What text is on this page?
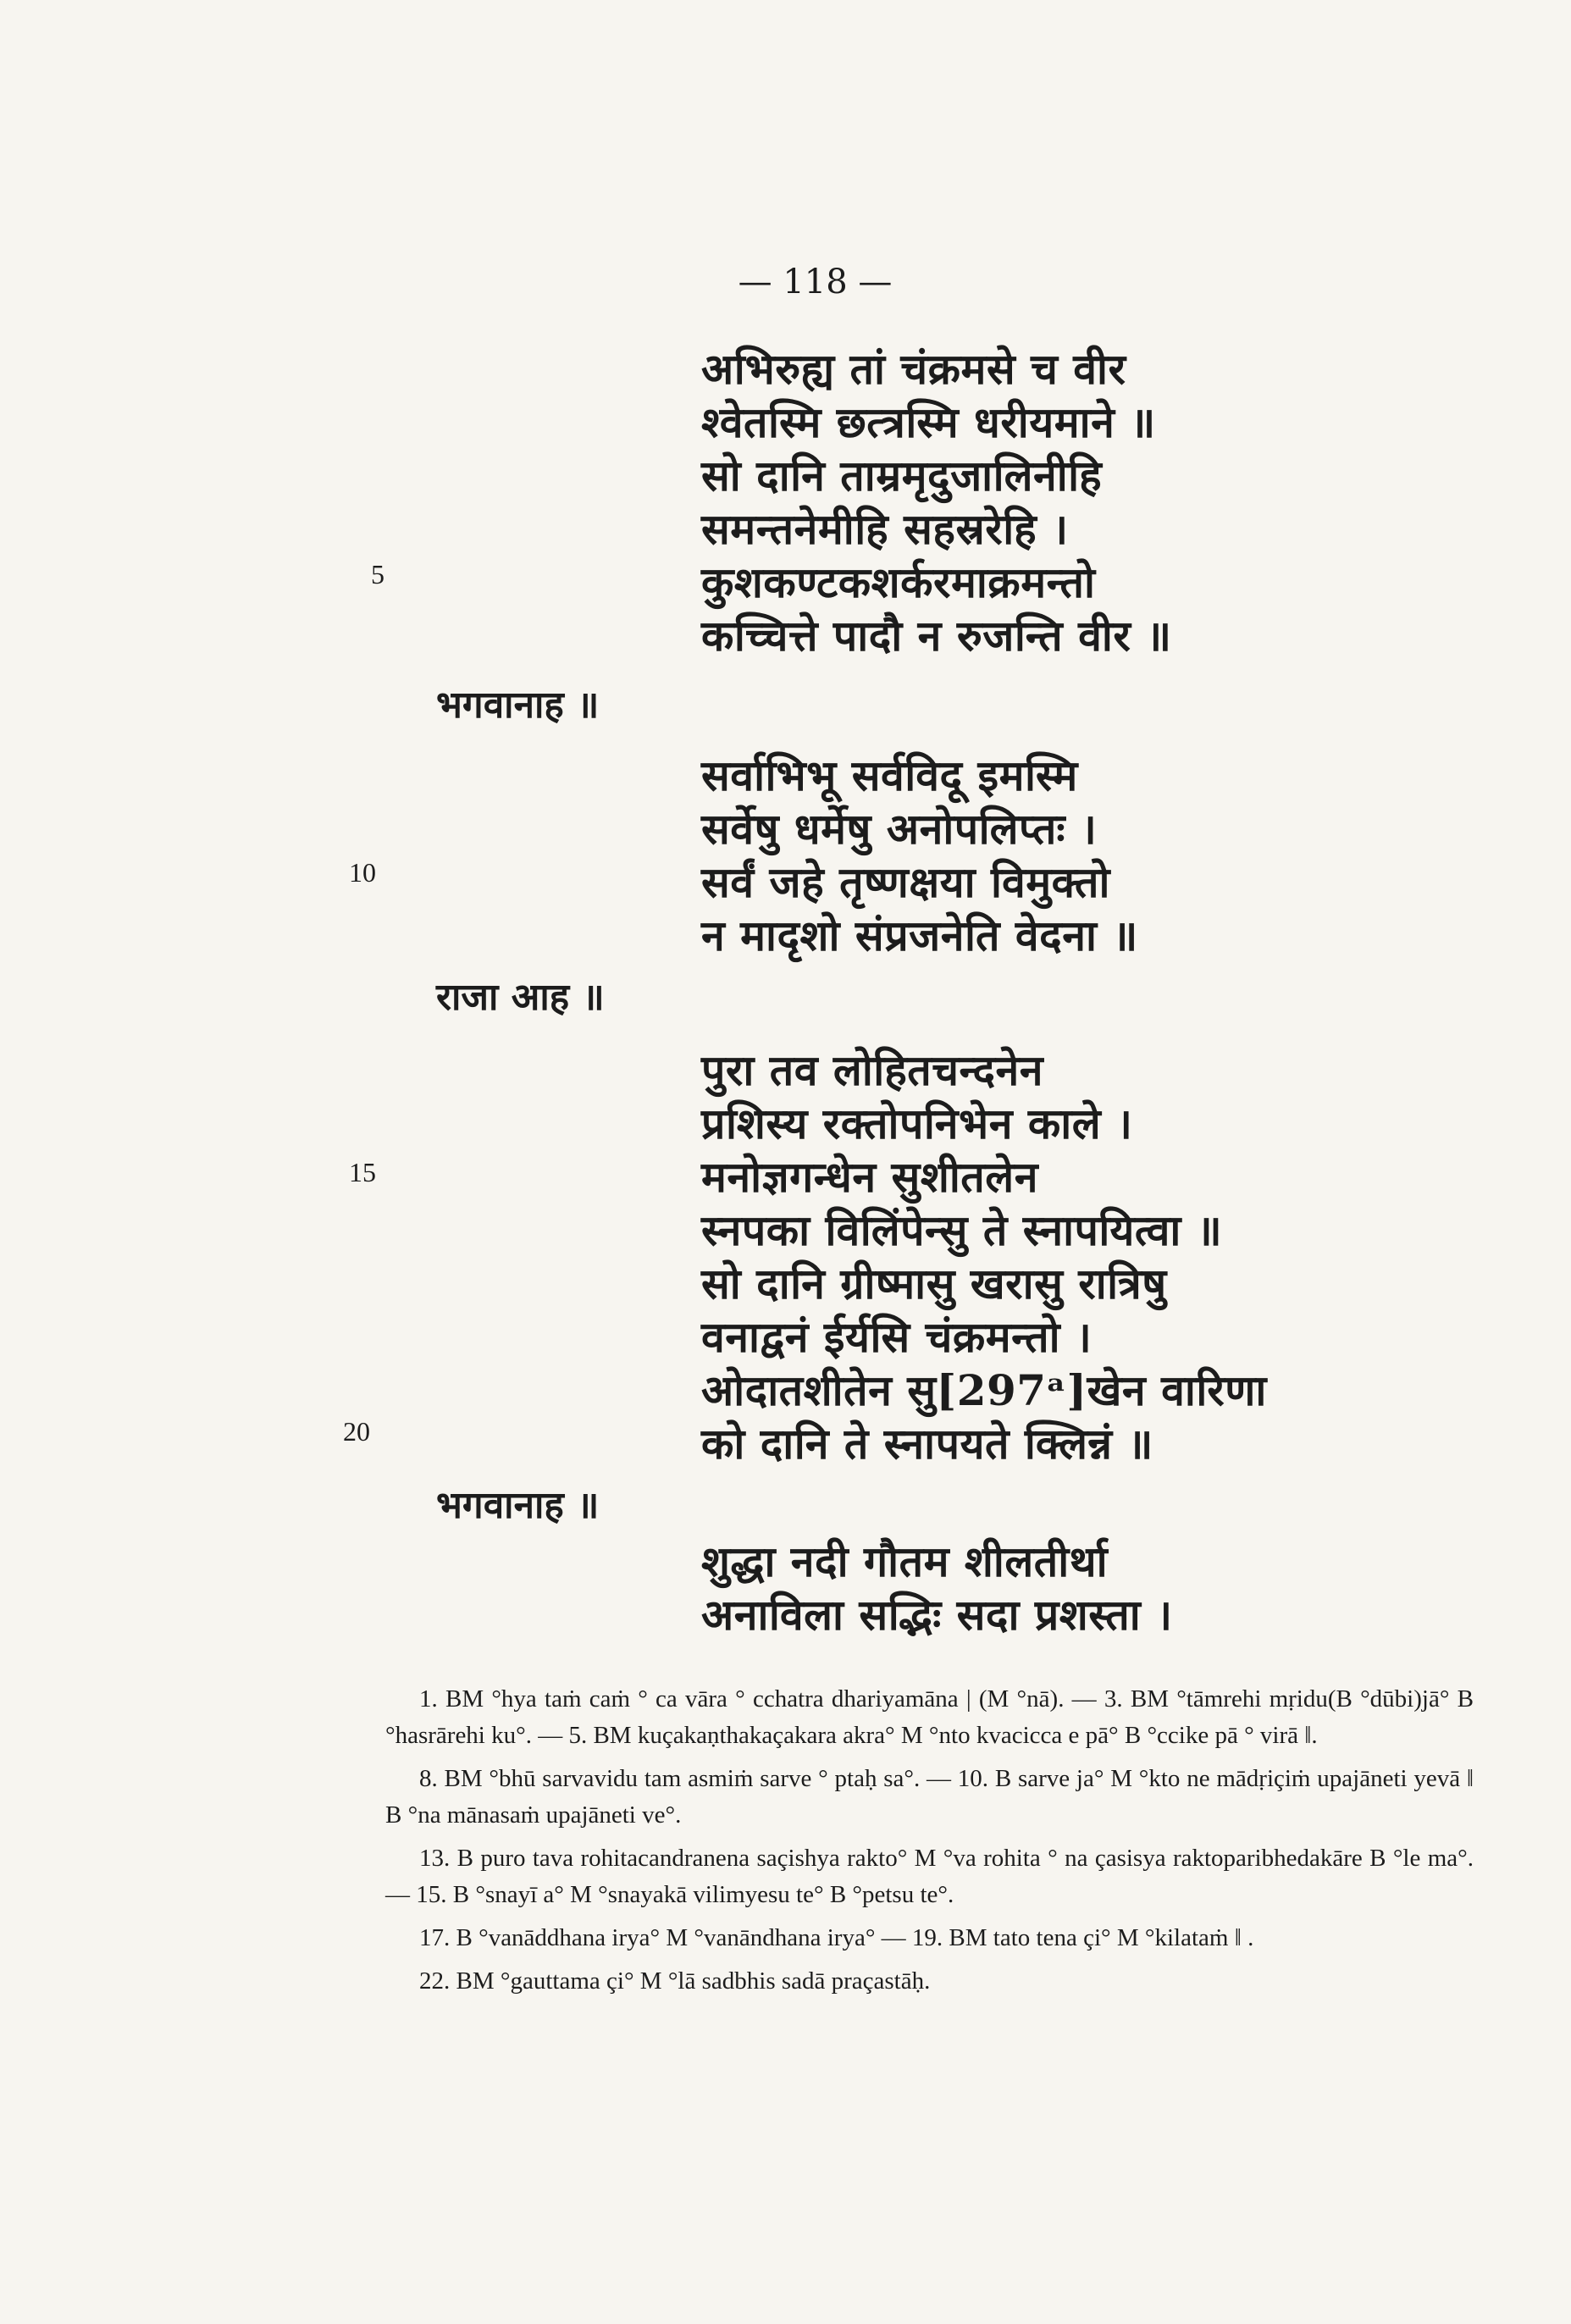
— 118 —
5
10
15
20
अभिरुह्य तां चंक्रमसे च वीर
श्वेतस्मि छत्त्रस्मि धरीयमाने ॥
सो दानि ताम्रमृदुजालिनीहि
समन्तनेमीहि सहस्ररेहि ।
कुशकण्टकशर्करमाक्रमन्तो
कच्चित्ते पादौ न रुजन्ति वीर ॥
भगवानाह ॥
सर्वाभिभू सर्वविदू इमस्मि
सर्वेषु धर्मेषु अनोपलिप्तः ।
सर्वं जहे तृष्णक्षया विमुक्तो
न मादृशो संप्रजनेति वेदना ॥
राजा आह ॥
पुरा तव लोहितचन्दनेन
प्रशिस्य रक्तोपनिभेन काले ।
मनोज्ञगन्धेन सुशीतलेन
स्नपका विलिंपेन्सु ते स्नापयित्वा ॥
सो दानि ग्रीष्मासु खरासु रात्रिषु
वनाद्वनं ईर्यसि चंक्रमन्तो ।
ओदातशीतेन सु[297ᵃ]खेन वारिणा
को दानि ते स्नापयते क्लिन्नं ॥
भगवानाह ॥
शुद्धा नदी गौतम शीलतीर्था
अनाविला सद्भिः सदा प्रशस्ता ।

1. BM °hya taṁ caṁ ° ca vāra ° cchatra dhariyamāna | (M °nā). — 3. BM °tāmrehi mṛidu(B °dūbi)jā° B °hasrārehi ku°. — 5. BM kuçakaṇthakaçakara akra° M °nto kvacicca e pā° B °ccike pā ° virā ‖.

8. BM °bhū sarvavidu tam asmiṁ sarve ° ptaḥ sa°. — 10. B sarve ja° M °kto ne mādṛiçiṁ upajāneti yevā ‖ B °na mānasaṁ upajāneti ve°.

13. B puro tava rohitacandranena saçishya rakto° M °va rohita ° na çasisya raktoparibhedakāre B °le ma°. — 15. B °snayī a° M °snayakā vilimyesu te° B °petsu te°.

17. B °vanāddhana irya° M °vanāndhana irya° — 19. BM tato tena çi° M °kilataṁ ‖ .

22. BM °gauttama çi° M °lā sadbhis sadā praçastāḥ.
